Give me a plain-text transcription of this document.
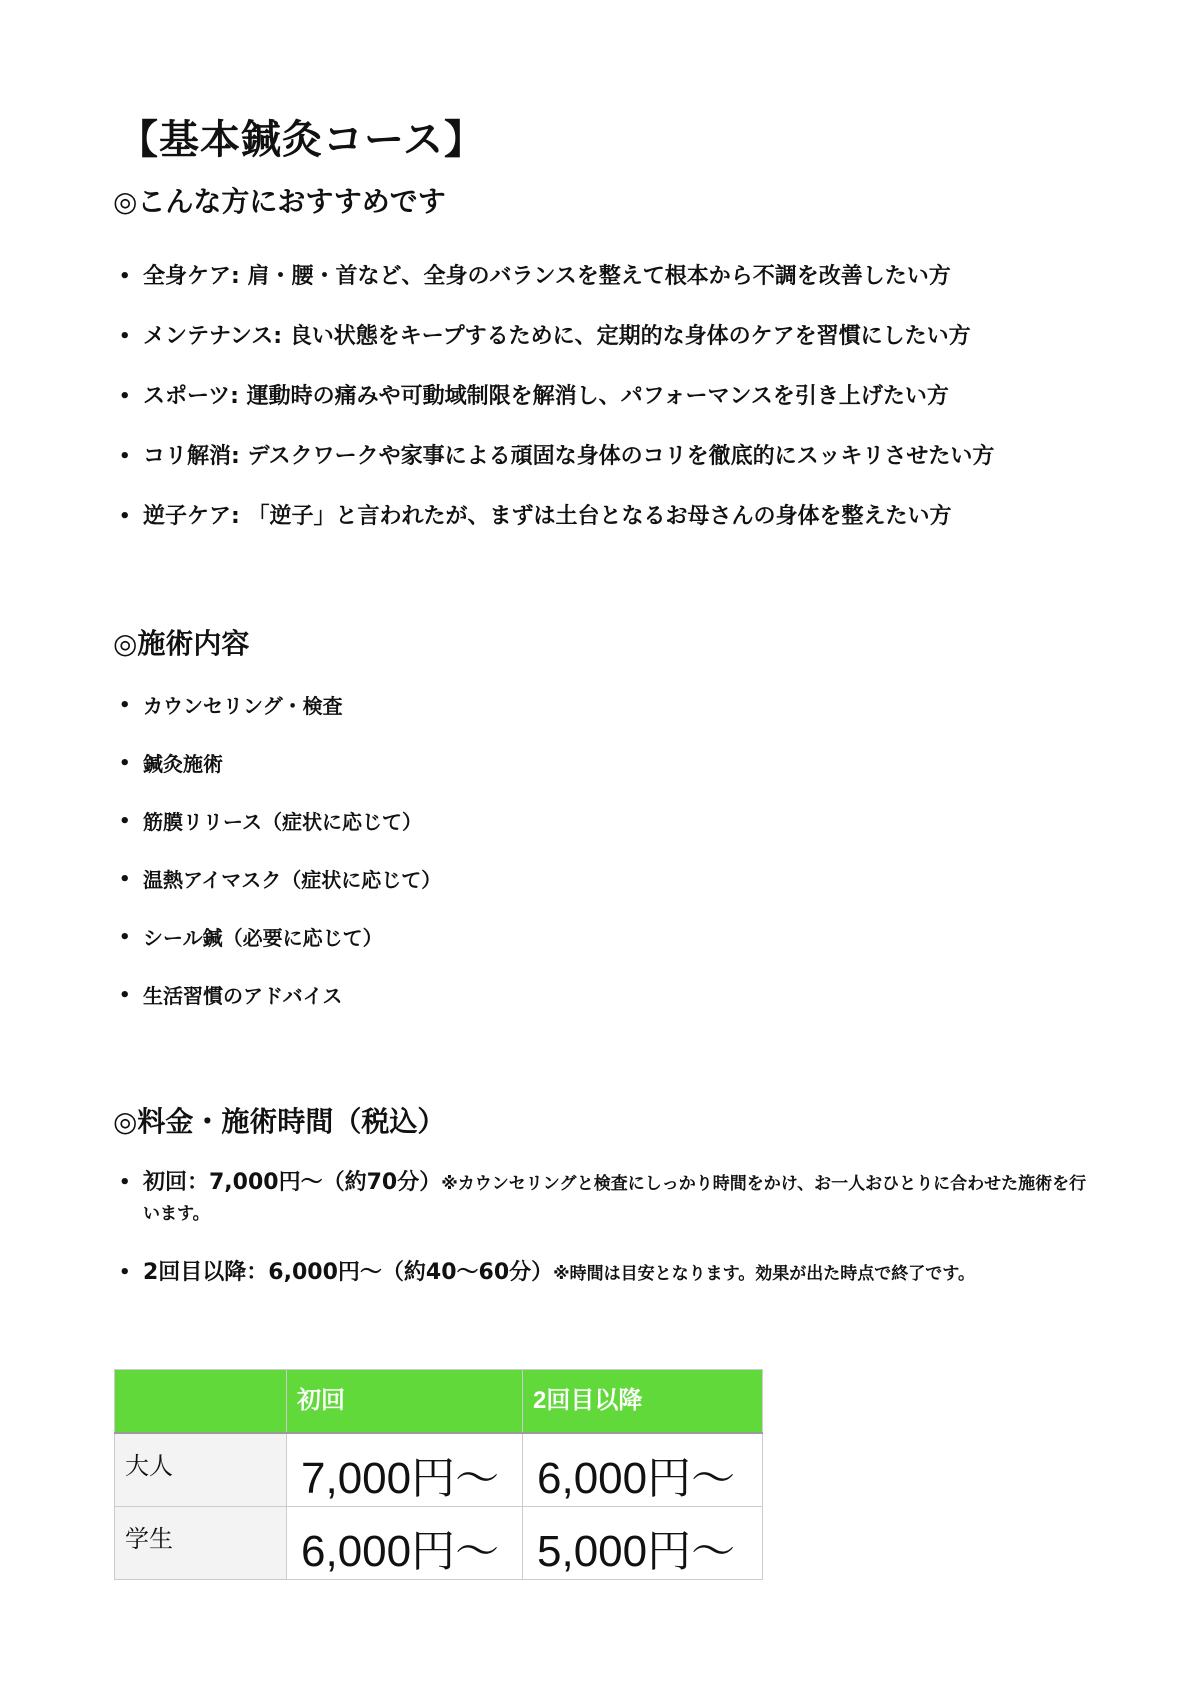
【基本鍼灸コース】
◎こんな方におすすめです
• 全身ケア: 肩・腰・首など、全身のバランスを整えて根本から不調を改善したい方
• メンテナンス: 良い状態をキープするために、定期的な身体のケアを習慣にしたい方
• スポーツ: 運動時の痛みや可動域制限を解消し、パフォーマンスを引き上げたい方
• コリ解消: デスクワークや家事による頑固な身体のコリを徹底的にスッキリさせたい方
• 逆子ケア: 「逆子」と言われたが、まずは土台となるお母さんの身体を整えたい方
◎施術内容
• カウンセリング・検査
• 鍼灸施術
• 筋膜リリース（症状に応じて）
• 温熱アイマスク（症状に応じて）
• シール鍼（必要に応じて）
• 生活習慣のアドバイス
◎料金・施術時間（税込）
• 初回：7,000円〜（約70分）※カウンセリングと検査にしっかり時間をかけ、お一人おひとりに合わせた施術を行います。
• 2回目以降：6,000円〜（約40〜60分）※時間は目安となります。効果が出た時点で終了です。
	初回	2回目以降
大人	7,000円〜	6,000円〜
学生	6,000円〜	5,000円〜
